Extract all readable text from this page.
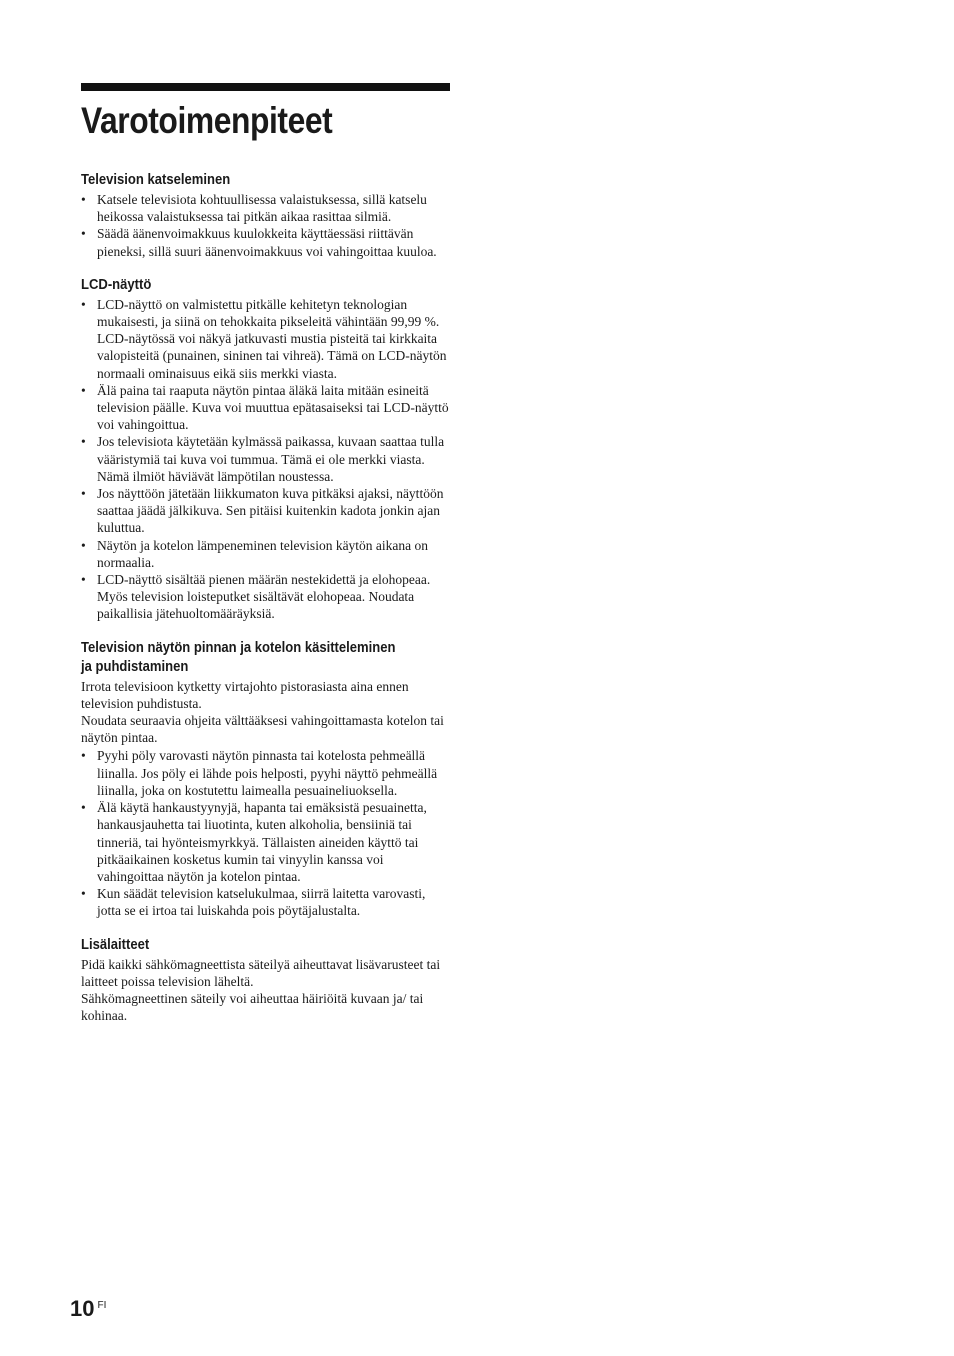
Varotoimenpiteet
Television katseleminen
• Katsele televisiota kohtuullisessa valaistuksessa, sillä katselu heikossa valaistuksessa tai pitkän aikaa rasittaa silmiä.
• Säädä äänenvoimakkuus kuulokkeita käyttäessäsi riittävän pieneksi, sillä suuri äänenvoimakkuus voi vahingoittaa kuuloa.
LCD-näyttö
• LCD-näyttö on valmistettu pitkälle kehitetyn teknologian mukaisesti, ja siinä on tehokkaita pikseleitä vähintään 99,99 %. LCD-näytössä voi näkyä jatkuvasti mustia pisteitä tai kirkkaita valopisteitä (punainen, sininen tai vihreä). Tämä on LCD-näytön normaali ominaisuus eikä siis merkki viasta.
• Älä paina tai raaputa näytön pintaa äläkä laita mitään esineitä television päälle. Kuva voi muuttua epätasaiseksi tai LCD-näyttö voi vahingoittua.
• Jos televisiota käytetään kylmässä paikassa, kuvaan saattaa tulla vääristymiä tai kuva voi tummua. Tämä ei ole merkki viasta. Nämä ilmiöt häviävät lämpötilan noustessa.
• Jos näyttöön jätetään liikkumaton kuva pitkäksi ajaksi, näyttöön saattaa jäädä jälkikuva. Sen pitäisi kuitenkin kadota jonkin ajan kuluttua.
• Näytön ja kotelon lämpeneminen television käytön aikana on normaalia.
• LCD-näyttö sisältää pienen määrän nestekidettä ja elohopeaa. Myös television loisteputket sisältävät elohopeaa. Noudata paikallisia jätehuoltomääräyksiä.
Television näytön pinnan ja kotelon käsitteleminen
ja puhdistaminen

Irrota televisioon kytketty virtajohto pistorasiasta aina ennen television puhdistusta.

Noudata seuraavia ohjeita välttääksesi vahingoittamasta kotelon tai näytön pintaa.

• Pyyhi pöly varovasti näytön pinnasta tai kotelosta pehmeällä liinalla. Jos pöly ei lähde pois helposti, pyyhi näyttö pehmeällä liinalla, joka on kostutettu laimealla pesuaineliuoksella.
• Älä käytä hankaustyynyjä, hapanta tai emäksistä pesuainetta, hankausjauhetta tai liuotinta, kuten alkoholia, bensiiniä tai tinneriä, tai hyönteismyrkkyä. Tällaisten aineiden käyttö tai pitkäaikainen kosketus kumin tai vinyylin kanssa voi vahingoittaa näytön ja kotelon pintaa.
• Kun säädät television katselukulmaa, siirrä laitetta varovasti, jotta se ei irtoa tai luiskahda pois pöytäjalustalta.
Lisälaitteet

Pidä kaikki sähkömagneettista säteilyä aiheuttavat lisävarusteet tai laitteet poissa television läheltä.

Sähkömagneettinen säteily voi aiheuttaa häiriöitä kuvaan ja/ tai kohinaa.

10 $^{FI}$
